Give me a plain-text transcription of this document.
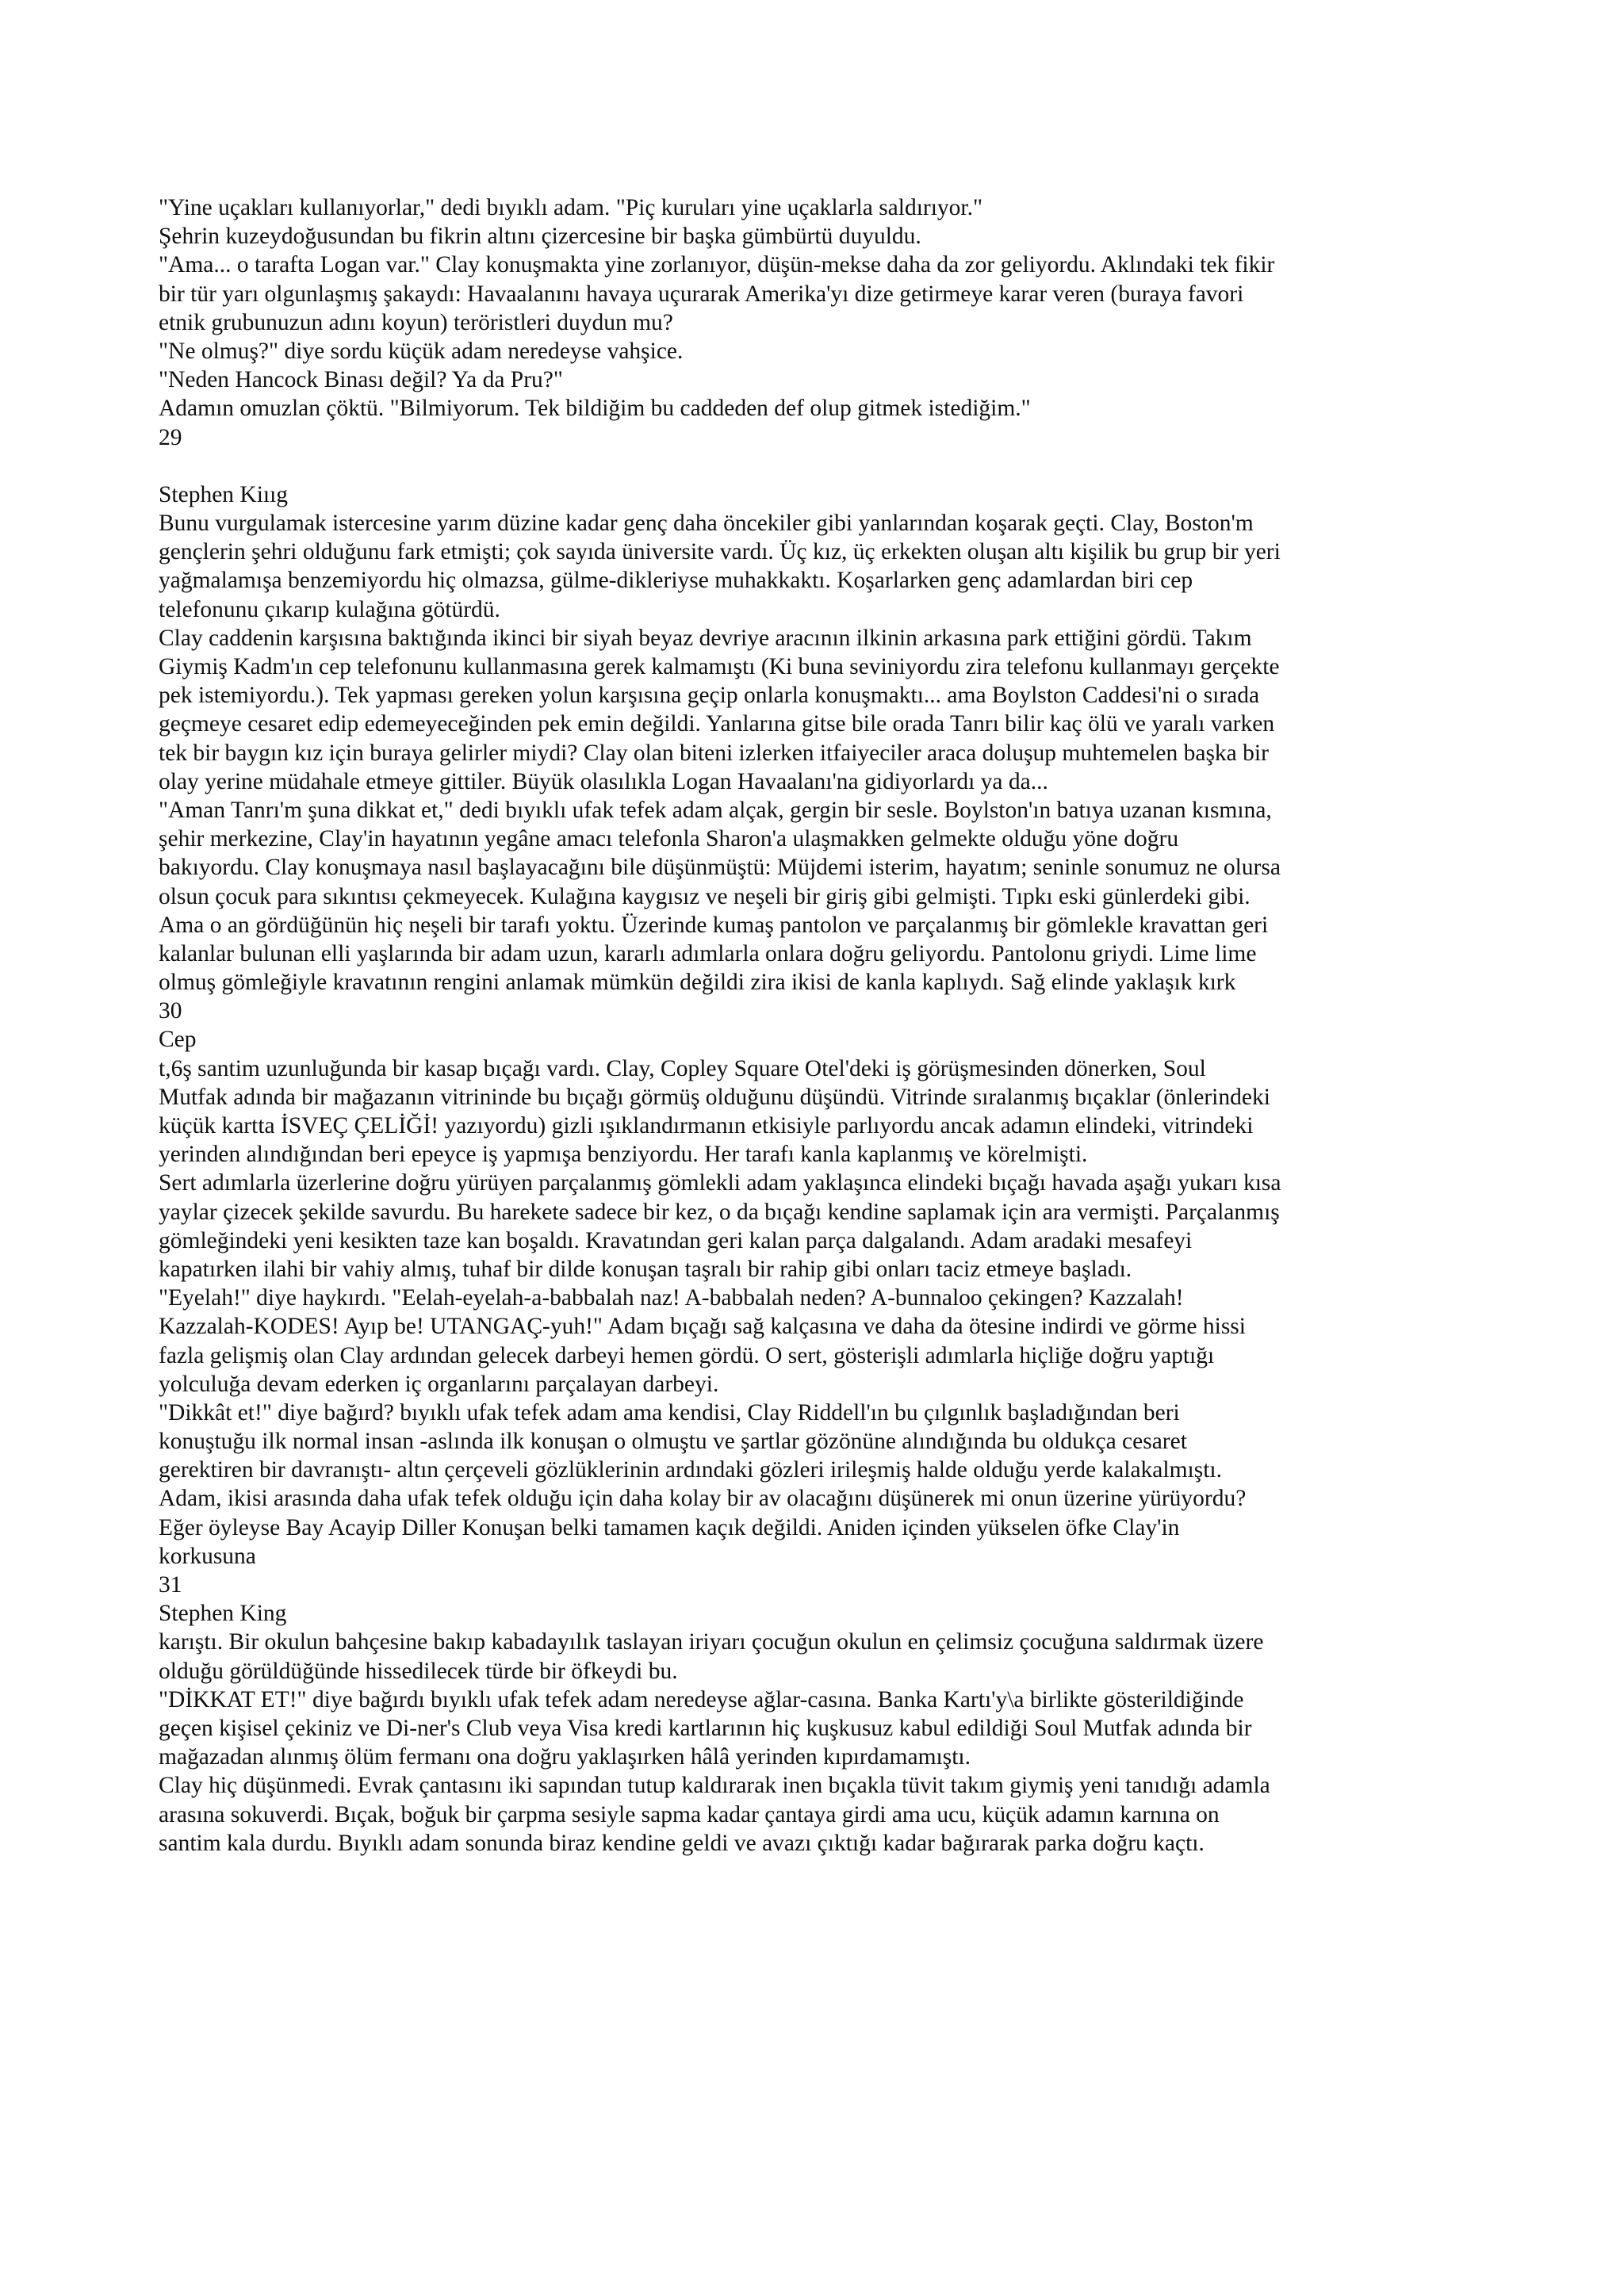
"Yine uçakları kullanıyorlar," dedi bıyıklı adam. "Piç kuruları yine uçaklarla saldırıyor."
Şehrin kuzeydoğusundan bu fikrin altını çizercesine bir başka gümbürtü duyuldu.
"Ama... o tarafta Logan var." Clay konuşmakta yine zorlanıyor, düşün-mekse daha da zor geliyordu. Aklındaki tek fikir
bir tür yarı olgunlaşmış şakaydı: Havaalanını havaya uçurarak Amerika'yı dize getirmeye karar veren (buraya favori
etnik grubunuzun adını koyun) teröristleri duydun mu?
"Ne olmuş?" diye sordu küçük adam neredeyse vahşice.
"Neden Hancock Binası değil? Ya da Pru?"
Adamın omuzlan çöktü. "Bilmiyorum. Tek bildiğim bu caddeden def olup gitmek istediğim."
29
Stephen Kiııg
Bunu vurgulamak istercesine yarım düzine kadar genç daha öncekiler gibi yanlarından koşarak geçti. Clay, Boston'm
gençlerin şehri olduğunu fark etmişti; çok sayıda üniversite vardı. Üç kız, üç erkekten oluşan altı kişilik bu grup bir yeri
yağmalamışa benzemiyordu hiç olmazsa, gülme-dikleriyse muhakkaktı. Koşarlarken genç adamlardan biri cep
telefonunu çıkarıp kulağına götürdü.
Clay caddenin karşısına baktığında ikinci bir siyah beyaz devriye aracının ilkinin arkasına park ettiğini gördü. Takım
Giymiş Kadm'ın cep telefonunu kullanmasına gerek kalmamıştı (Ki buna seviniyordu zira telefonu kullanmayı gerçekte
pek istemiyordu.). Tek yapması gereken yolun karşısına geçip onlarla konuşmaktı... ama Boylston Caddesi'ni o sırada
geçmeye cesaret edip edemeyeceğinden pek emin değildi. Yanlarına gitse bile orada Tanrı bilir kaç ölü ve yaralı varken
tek bir baygın kız için buraya gelirler miydi? Clay olan biteni izlerken itfaiyeciler araca doluşup muhtemelen başka bir
olay yerine müdahale etmeye gittiler. Büyük olasılıkla Logan Havaalanı'na gidiyorlardı ya da...
"Aman Tanrı'm şuna dikkat et," dedi bıyıklı ufak tefek adam alçak, gergin bir sesle. Boylston'ın batıya uzanan kısmına,
şehir merkezine, Clay'in hayatının yegâne amacı telefonla Sharon'a ulaşmakken gelmekte olduğu yöne doğru
bakıyordu. Clay konuşmaya nasıl başlayacağını bile düşünmüştü: Müjdemi isterim, hayatım; seninle sonumuz ne olursa
olsun çocuk para sıkıntısı çekmeyecek. Kulağına kaygısız ve neşeli bir giriş gibi gelmişti. Tıpkı eski günlerdeki gibi.
Ama o an gördüğünün hiç neşeli bir tarafı yoktu. Üzerinde kumaş pantolon ve parçalanmış bir gömlekle kravattan geri
kalanlar bulunan elli yaşlarında bir adam uzun, kararlı adımlarla onlara doğru geliyordu. Pantolonu griydi. Lime lime
olmuş gömleğiyle kravatının rengini anlamak mümkün değildi zira ikisi de kanla kaplıydı. Sağ elinde yaklaşık kırk
30
Cep
t,6ş santim uzunluğunda bir kasap bıçağı vardı. Clay, Copley Square Otel'deki iş görüşmesinden dönerken, Soul
Mutfak adında bir mağazanın vitrininde bu bıçağı görmüş olduğunu düşündü. Vitrinde sıralanmış bıçaklar (önlerindeki
küçük kartta İSVEÇ ÇELİĞİ! yazıyordu) gizli ışıklandırmanın etkisiyle parlıyordu ancak adamın elindeki, vitrindeki
yerinden alındığından beri epeyce iş yapmışa benziyordu. Her tarafı kanla kaplanmış ve körelmişti.
Sert adımlarla üzerlerine doğru yürüyen parçalanmış gömlekli adam yaklaşınca elindeki bıçağı havada aşağı yukarı kısa
yaylar çizecek şekilde savurdu. Bu harekete sadece bir kez, o da bıçağı kendine saplamak için ara vermişti. Parçalanmış
gömleğindeki yeni kesikten taze kan boşaldı. Kravatından geri kalan parça dalgalandı. Adam aradaki mesafeyi
kapatırken ilahi bir vahiy almış, tuhaf bir dilde konuşan taşralı bir rahip gibi onları taciz etmeye başladı.
"Eyelah!" diye haykırdı. "Eelah-eyelah-a-babbalah naz! A-babbalah neden? A-bunnaloo çekingen? Kazzalah!
Kazzalah-KODES! Ayıp be! UTANGAÇ-yuh!" Adam bıçağı sağ kalçasına ve daha da ötesine indirdi ve görme hissi
fazla gelişmiş olan Clay ardından gelecek darbeyi hemen gördü. O sert, gösterişli adımlarla hiçliğe doğru yaptığı
yolculuğa devam ederken iç organlarını parçalayan darbeyi.
"Dikkât et!" diye bağırd? bıyıklı ufak tefek adam ama kendisi, Clay Riddell'ın bu çılgınlık başladığından beri
konuştuğu ilk normal insan -aslında ilk konuşan o olmuştu ve şartlar gözönüne alındığında bu oldukça cesaret
gerektiren bir davranıştı- altın çerçeveli gözlüklerinin ardındaki gözleri irileşmiş halde olduğu yerde kalakalmıştı.
Adam, ikisi arasında daha ufak tefek olduğu için daha kolay bir av olacağını düşünerek mi onun üzerine yürüyordu?
Eğer öyleyse Bay Acayip Diller Konuşan belki tamamen kaçık değildi. Aniden içinden yükselen öfke Clay'in
korkusuna
31
Stephen King
karıştı. Bir okulun bahçesine bakıp kabadayılık taslayan iriyarı çocuğun okulun en çelimsiz çocuğuna saldırmak üzere
olduğu görüldüğünde hissedilecek türde bir öfkeydi bu.
"DİKKAT ET!" diye bağırdı bıyıklı ufak tefek adam neredeyse ağlar-casına. Banka Kartı'y\a birlikte gösterildiğinde
geçen kişisel çekiniz ve Di-ner's Club veya Visa kredi kartlarının hiç kuşkusuz kabul edildiği Soul Mutfak adında bir
mağazadan alınmış ölüm fermanı ona doğru yaklaşırken hâlâ yerinden kıpırdamamıştı.
Clay hiç düşünmedi. Evrak çantasını iki sapından tutup kaldırarak inen bıçakla tüvit takım giymiş yeni tanıdığı adamla
arasına sokuverdi. Bıçak, boğuk bir çarpma sesiyle sapma kadar çantaya girdi ama ucu, küçük adamın karnına on
santim kala durdu. Bıyıklı adam sonunda biraz kendine geldi ve avazı çıktığı kadar bağırarak parka doğru kaçtı.
